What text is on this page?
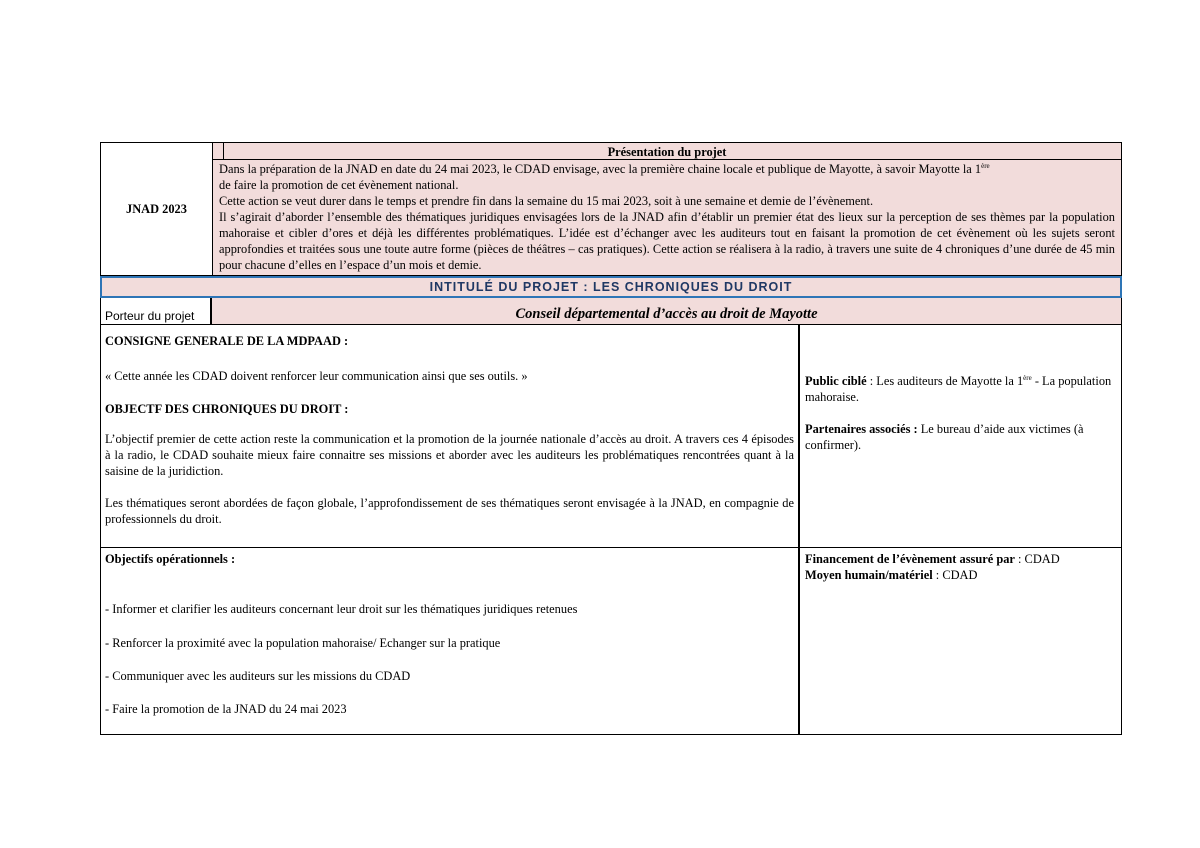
JNAD 2023
Présentation du projet
Dans la préparation de la JNAD en date du 24 mai 2023, le CDAD envisage, avec la première chaine locale et publique de Mayotte, à savoir Mayotte la 1ère
de faire la promotion de cet évènement national.
Cette action se veut durer dans le temps et prendre fin dans la semaine du 15 mai 2023, soit à une semaine et demie de l’évènement.
Il s’agirait d’aborder l’ensemble des thématiques juridiques envisagées lors de la JNAD afin d’établir un premier état des lieux sur la perception de ses thèmes par la population mahoraise et cibler d’ores et déjà les différentes problématiques. L’idée est d’échanger avec les auditeurs tout en faisant la promotion de cet évènement où les sujets seront approfondies et traitées sous une toute autre forme (pièces de théâtres – cas pratiques). Cette action se réalisera à la radio, à travers une suite de 4 chroniques d’une durée de 45 min pour chacune d’elles en l’espace d’un mois et demie.
INTITULÉ DU PROJET : LES CHRONIQUES DU DROIT
Porteur du projet	Conseil départemental d’accès au droit de Mayotte

CONSIGNE GENERALE DE LA MDPAAD :

« Cette année les CDAD doivent renforcer leur communication ainsi que ses outils. »

OBJECTF DES CHRONIQUES DU DROIT :

L’objectif premier de cette action reste la communication et la promotion de la journée nationale d’accès au droit. A travers ces 4 épisodes à la radio, le CDAD souhaite mieux faire connaitre ses missions et aborder avec les auditeurs les problématiques rencontrées quant à la saisine de la juridiction.

Les thématiques seront abordées de façon globale, l’approfondissement de ses thématiques seront envisagée à la JNAD, en compagnie de professionnels du droit.

Public ciblé : Les auditeurs de Mayotte la 1ère - La population mahoraise.

Partenaires associés : Le bureau d’aide aux victimes (à confirmer).

Objectifs opérationnels :

- Informer et clarifier les auditeurs concernant leur droit sur les thématiques juridiques retenues

- Renforcer la proximité avec la population mahoraise/ Echanger sur la pratique

- Communiquer avec les auditeurs sur les missions du CDAD

- Faire la promotion de la JNAD du 24 mai 2023

Financement de l’évènement assuré par : CDAD

Moyen humain/matériel : CDAD
